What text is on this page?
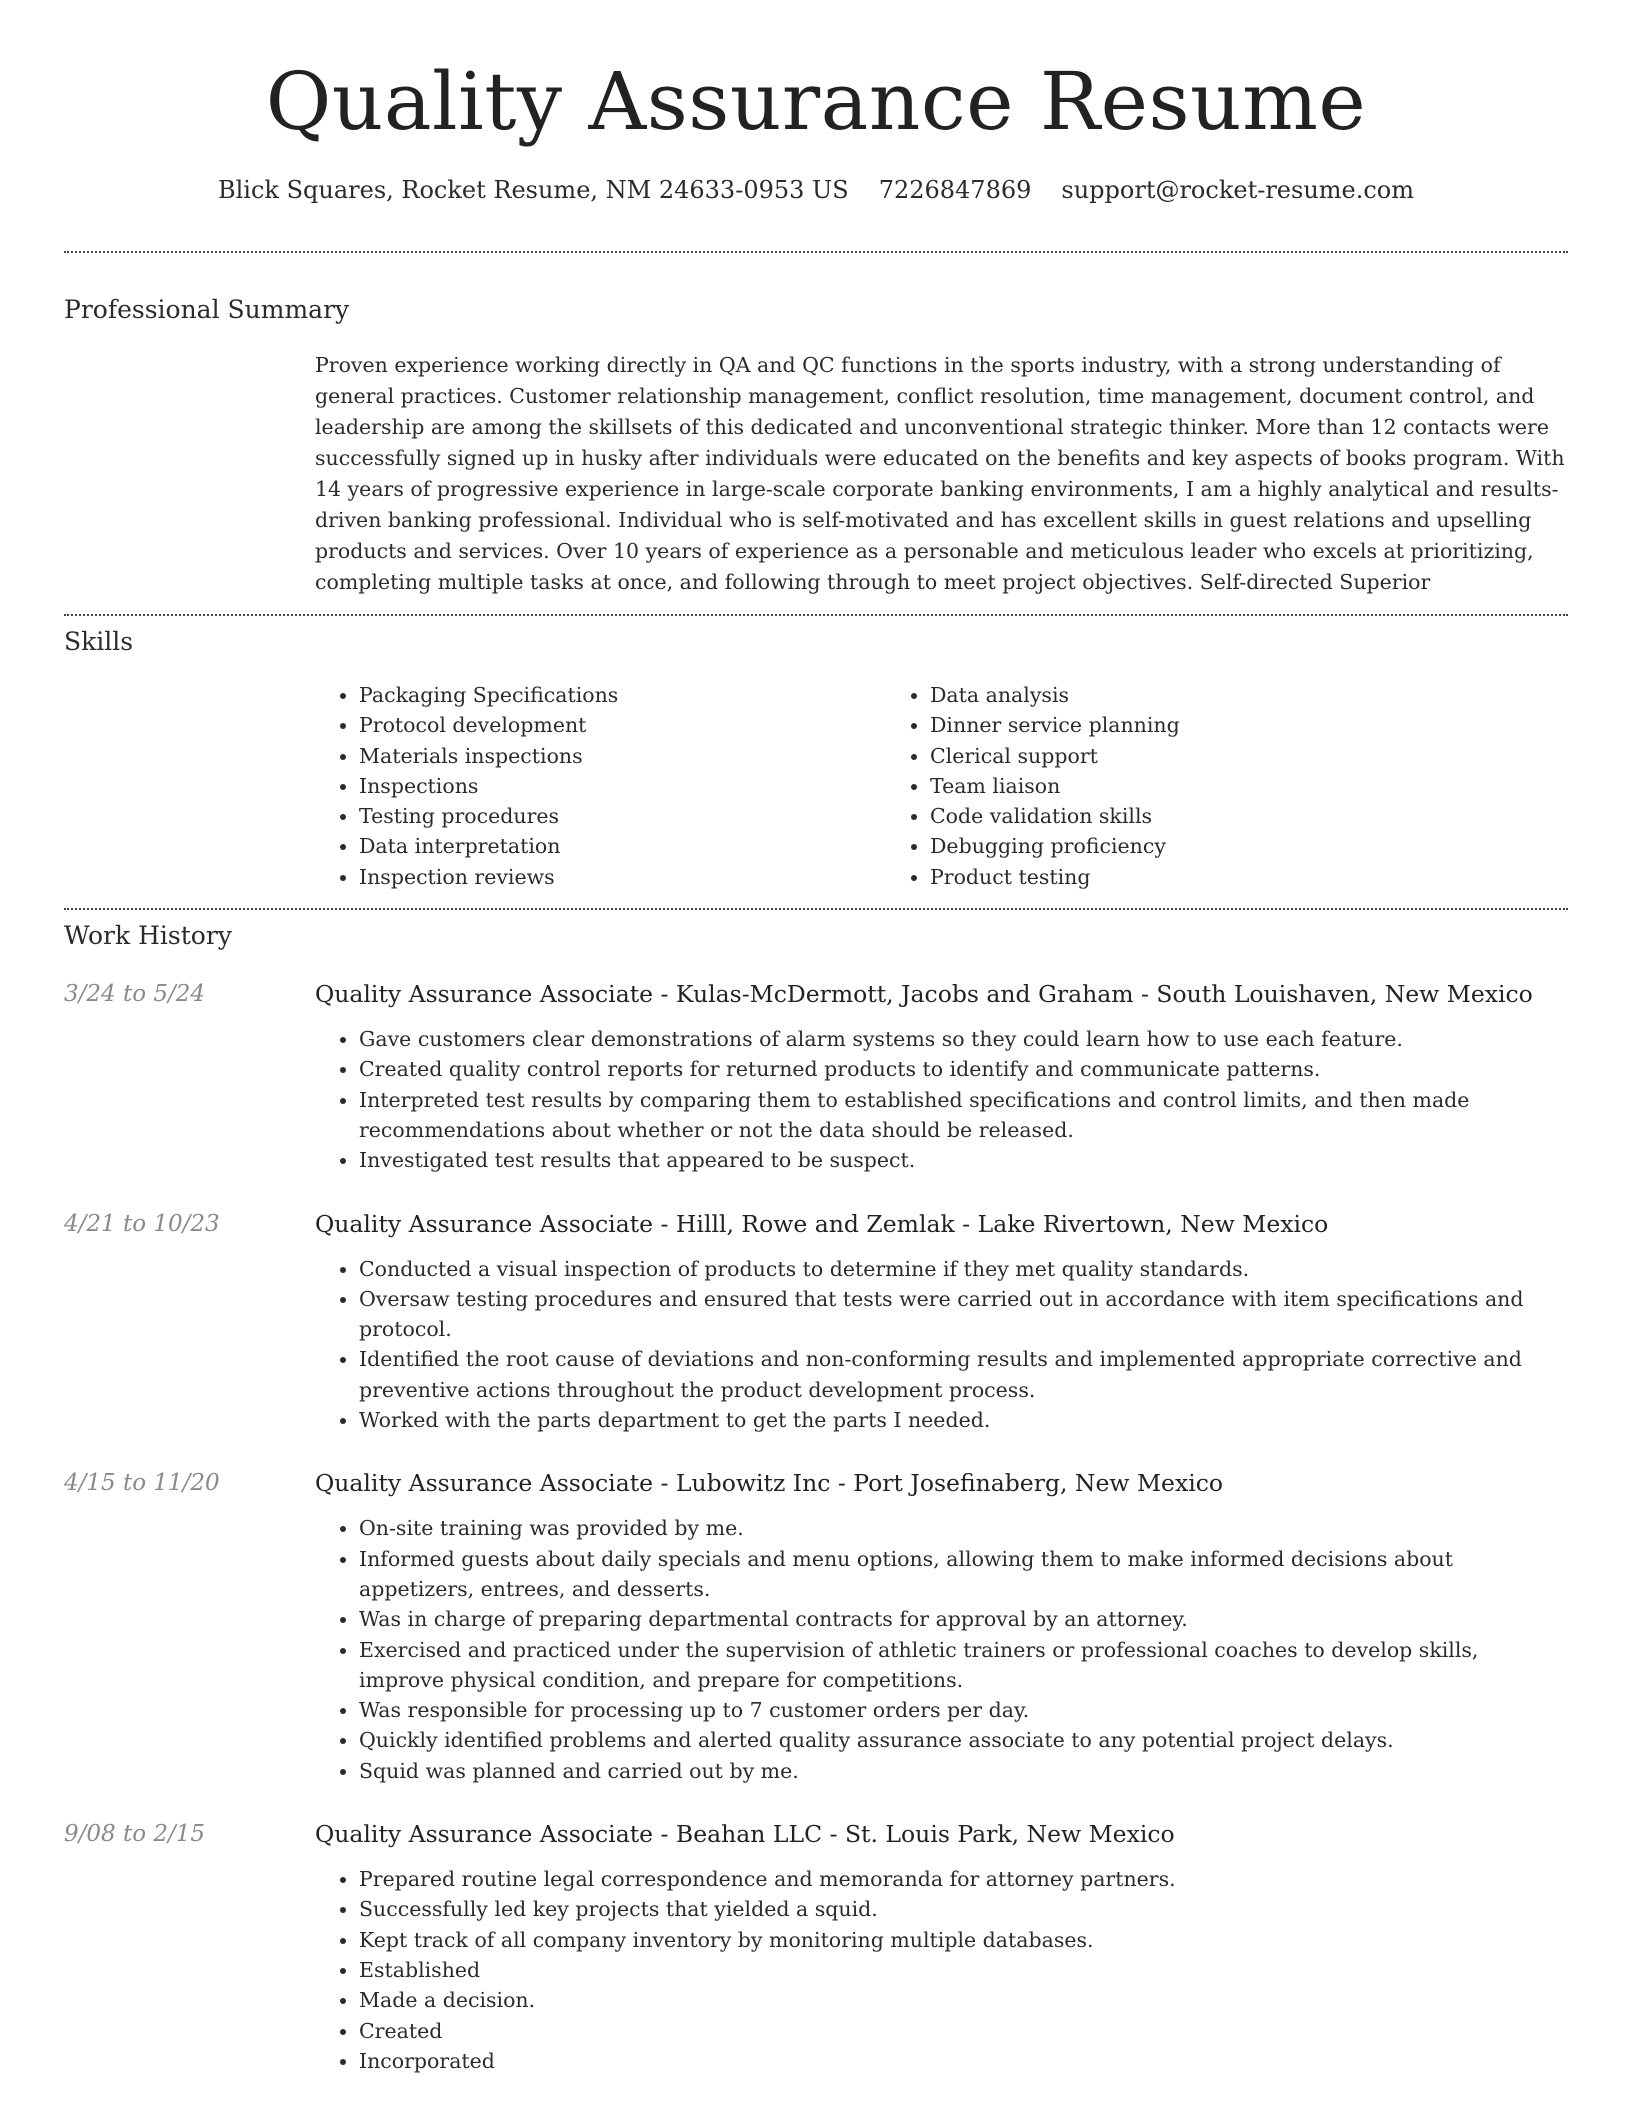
Quality Assurance Resume
Blick Squares, Rocket Resume, NM 24633-0953 US 7226847869 support@rocket-resume.com
Professional Summary

Proven experience working directly in QA and QC functions in the sports industry, with a strong understanding of general practices. Customer relationship management, conflict resolution, time management, document control, and leadership are among the skillsets of this dedicated and unconventional strategic thinker. More than 12 contacts were successfully signed up in husky after individuals were educated on the benefits and key aspects of books program. With 14 years of progressive experience in large-scale corporate banking environments, I am a highly analytical and results-driven banking professional. Individual who is self-motivated and has excellent skills in guest relations and upselling products and services. Over 10 years of experience as a personable and meticulous leader who excels at prioritizing, completing multiple tasks at once, and following through to meet project objectives. Self-directed Superior

Skills
• Packaging Specifications
• Protocol development
• Materials inspections
• Inspections
• Testing procedures
• Data interpretation
• Inspection reviews
• Data analysis
• Dinner service planning
• Clerical support
• Team liaison
• Code validation skills
• Debugging proficiency
• Product testing
Work History
3/24 to 5/24	Quality Assurance Associate - Kulas-McDermott, Jacobs and Graham - South Louishaven, New Mexico
• Gave customers clear demonstrations of alarm systems so they could learn how to use each feature.
• Created quality control reports for returned products to identify and communicate patterns.
• Interpreted test results by comparing them to established specifications and control limits, and then made recommendations about whether or not the data should be released.
• Investigated test results that appeared to be suspect.
4/21 to 10/23	Quality Assurance Associate - Hilll, Rowe and Zemlak - Lake Rivertown, New Mexico
• Conducted a visual inspection of products to determine if they met quality standards.
• Oversaw testing procedures and ensured that tests were carried out in accordance with item specifications and protocol.
• Identified the root cause of deviations and non-conforming results and implemented appropriate corrective and preventive actions throughout the product development process.
• Worked with the parts department to get the parts I needed.
4/15 to 11/20	Quality Assurance Associate - Lubowitz Inc - Port Josefinaberg, New Mexico
• On-site training was provided by me.
• Informed guests about daily specials and menu options, allowing them to make informed decisions about appetizers, entrees, and desserts.
• Was in charge of preparing departmental contracts for approval by an attorney.
• Exercised and practiced under the supervision of athletic trainers or professional coaches to develop skills, improve physical condition, and prepare for competitions.
• Was responsible for processing up to 7 customer orders per day.
• Quickly identified problems and alerted quality assurance associate to any potential project delays.
• Squid was planned and carried out by me.
9/08 to 2/15	Quality Assurance Associate - Beahan LLC - St. Louis Park, New Mexico
• Prepared routine legal correspondence and memoranda for attorney partners.
• Successfully led key projects that yielded a squid.
• Kept track of all company inventory by monitoring multiple databases.
• Established
• Made a decision.
• Created
• Incorporated
